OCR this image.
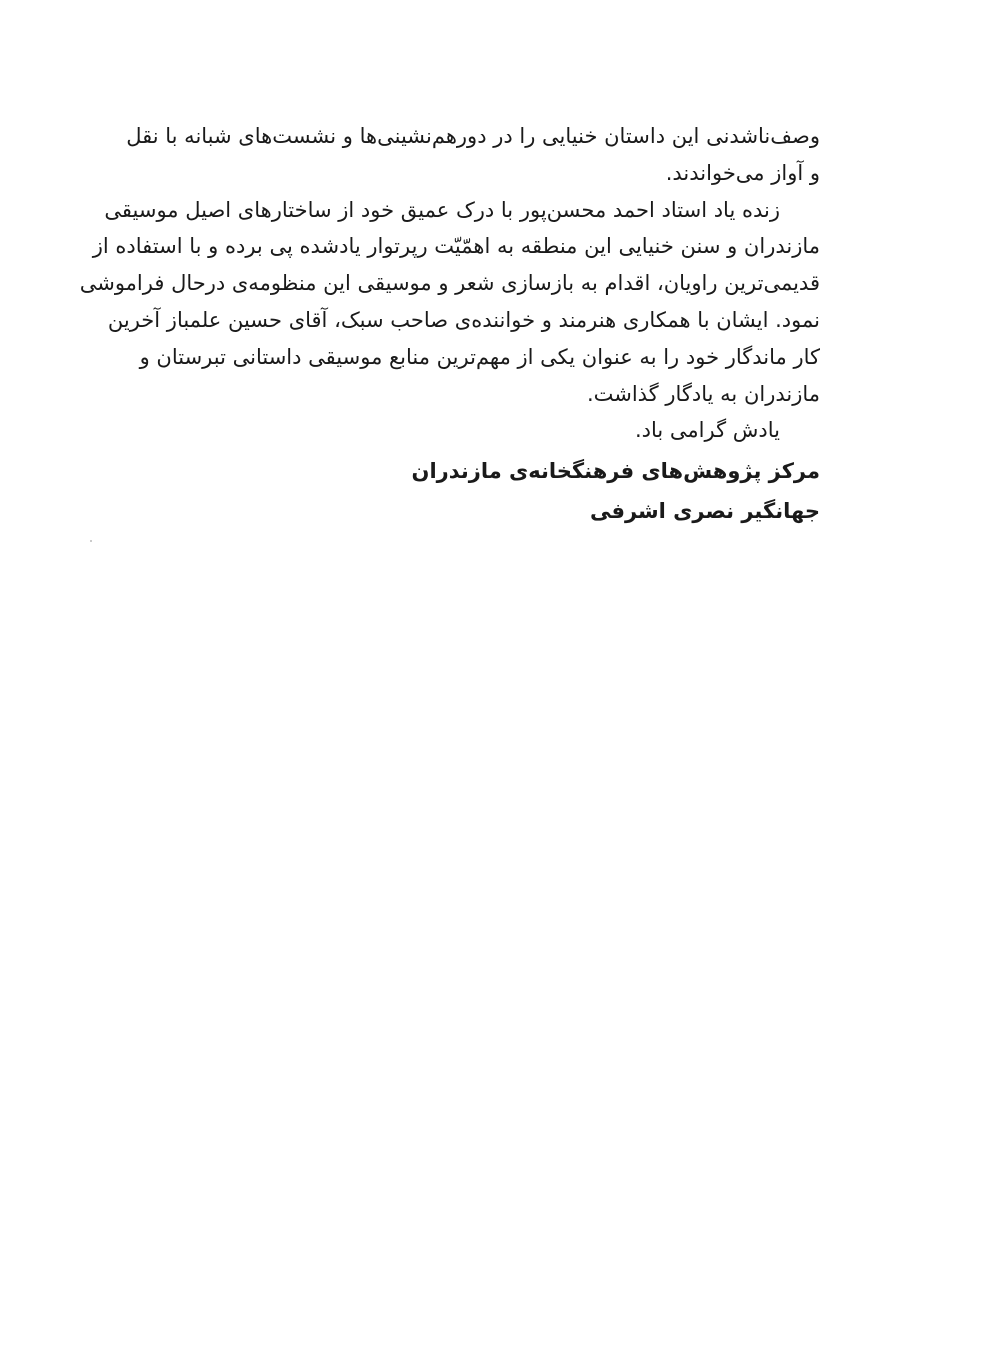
وصف‌ناشدنی این داستان خنیایی را در دورهم‌نشینی‌ها و نشست‌های شبانه با نقل
و آواز می‌خواندند.
زنده یاد استاد احمد محسن‌پور با درک عمیق خود از ساختارهای اصیل موسیقی
مازندران و سنن خنیایی این منطقه به اهمّیّت رپرتوار یادشده پی برده و با استفاده از
قدیمی‌ترین راویان، اقدام به بازسازی شعر و موسیقی این منظومه‌ی درحال فراموشی
نمود. ایشان با همکاری هنرمند و خواننده‌ی صاحب سبک، آقای حسین علمباز آخرین
کار ماندگار خود را به عنوان یکی از مهم‌ترین منابع موسیقی داستانی تبرستان و
مازندران به یادگار گذاشت.
یادش گرامی باد.
مرکز پژوهش‌های فرهنگخانه‌ی مازندران
جهانگیر نصری اشرفی
